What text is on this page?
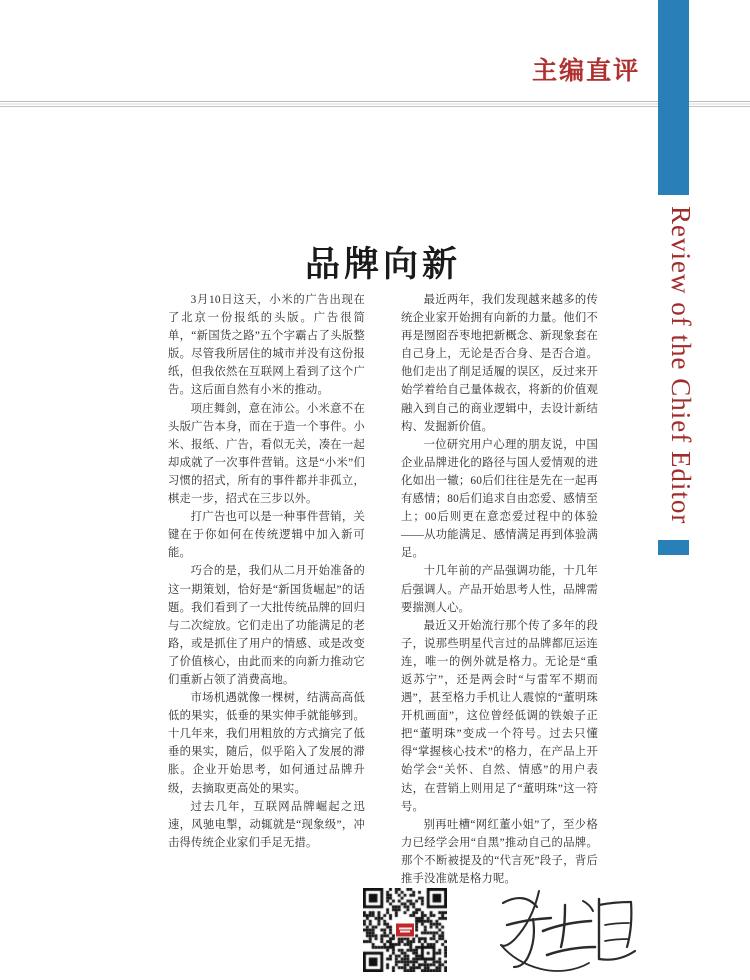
主编直评
Review of the Chief Editor
品牌向新

3月10日这天，小米的广告出现在了北京一份报纸的头版。广告很简单，“新国货之路”五个字霸占了头版整版。尽管我所居住的城市并没有这份报纸，但我依然在互联网上看到了这个广告。这后面自然有小米的推动。

项庄舞剑，意在沛公。小米意不在头版广告本身，而在于造一个事件。小米、报纸、广告，看似无关，凑在一起却成就了一次事件营销。这是“小米”们习惯的招式，所有的事件都并非孤立，棋走一步，招式在三步以外。

打广告也可以是一种事件营销，关键在于你如何在传统逻辑中加入新可能。

巧合的是，我们从二月开始准备的这一期策划，恰好是“新国货崛起”的话题。我们看到了一大批传统品牌的回归与二次绽放。它们走出了功能满足的老路，或是抓住了用户的情感、或是改变了价值核心，由此而来的向新力推动它们重新占领了消费高地。

市场机遇就像一棵树，结满高高低低的果实，低垂的果实伸手就能够到。十几年来，我们用粗放的方式摘完了低垂的果实，随后，似乎陷入了发展的滞胀。企业开始思考，如何通过品牌升级，去摘取更高处的果实。

过去几年，互联网品牌崛起之迅速，风驰电掣，动辄就是“现象级”，冲击得传统企业家们手足无措。

最近两年，我们发现越来越多的传统企业家开始拥有向新的力量。他们不再是囫囵吞枣地把新概念、新现象套在自己身上，无论是否合身、是否合道。他们走出了削足适履的误区，反过来开始学着给自己量体裁衣，将新的价值观融入到自己的商业逻辑中，去设计新结构、发掘新价值。

一位研究用户心理的朋友说，中国企业品牌进化的路径与国人爱情观的进化如出一辙；60后们往往是先在一起再有感情；80后们追求自由恋爱、感情至上；00后则更在意恋爱过程中的体验——从功能满足、感情满足再到体验满足。

十几年前的产品强调功能，十几年后强调人。产品开始思考人性，品牌需要揣测人心。

最近又开始流行那个传了多年的段子，说那些明星代言过的品牌都厄运连连，唯一的例外就是格力。无论是“重返苏宁”，还是两会时“与雷军不期而遇”，甚至格力手机让人震惊的“董明珠开机画面”，这位曾经低调的铁娘子正把“董明珠”变成一个符号。过去只懂得“掌握核心技术”的格力，在产品上开始学会“关怀、自然、情感”的用户表达，在营销上则用足了“董明珠”这一符号。

别再吐槽“网红董小姐”了，至少格力已经学会用“自黑”推动自己的品牌。那个不断被提及的“代言死”段子，背后推手没准就是格力呢。
